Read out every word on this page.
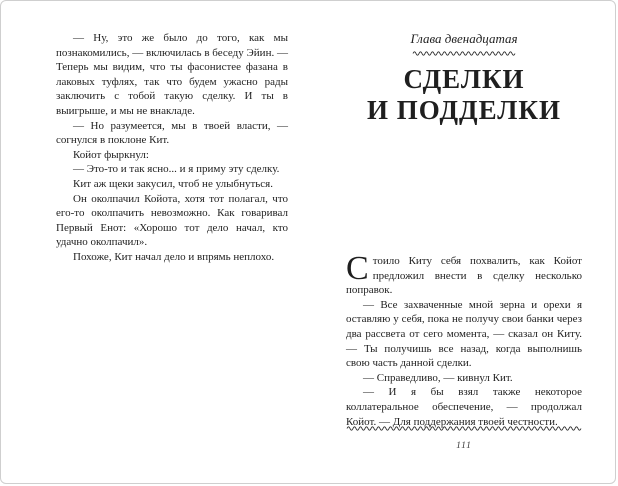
— Ну, это же было до того, как мы познакомились, — включилась в беседу Эйин. — Теперь мы видим, что ты фасонистее фазана в лаковых туфлях, так что будем ужасно рады заключить с тобой такую сделку. И ты в выигрыше, и мы не внакладе.

— Но разумеется, мы в твоей власти, — согнулся в поклоне Кит.

Койот фыркнул:

— Это-то и так ясно... и я приму эту сделку.

Кит аж щеки закусил, чтоб не улыбнуться.

Он околпачил Койота, хотя тот полагал, что его-то околпачить невозможно. Как говаривал Первый Енот: «Хорошо тот дело начал, кто удачно околпачил».

Похоже, Кит начал дело и впрямь неплохо.

Глава двенадцатая
СДЕЛКИ
И ПОДДЕЛКИ

Стоило Киту себя похвалить, как Койот предложил внести в сделку несколько поправок.

— Все захваченные мной зерна и орехи я оставляю у себя, пока не получу свои банки через два рассвета от сего момента, — сказал он Киту. — Ты получишь все назад, когда выполнишь свою часть данной сделки.

— Справедливо, — кивнул Кит.

— И я бы взял также некоторое коллатеральное обеспечение, — продолжал Койот. — Для поддержания твоей честности.

111
